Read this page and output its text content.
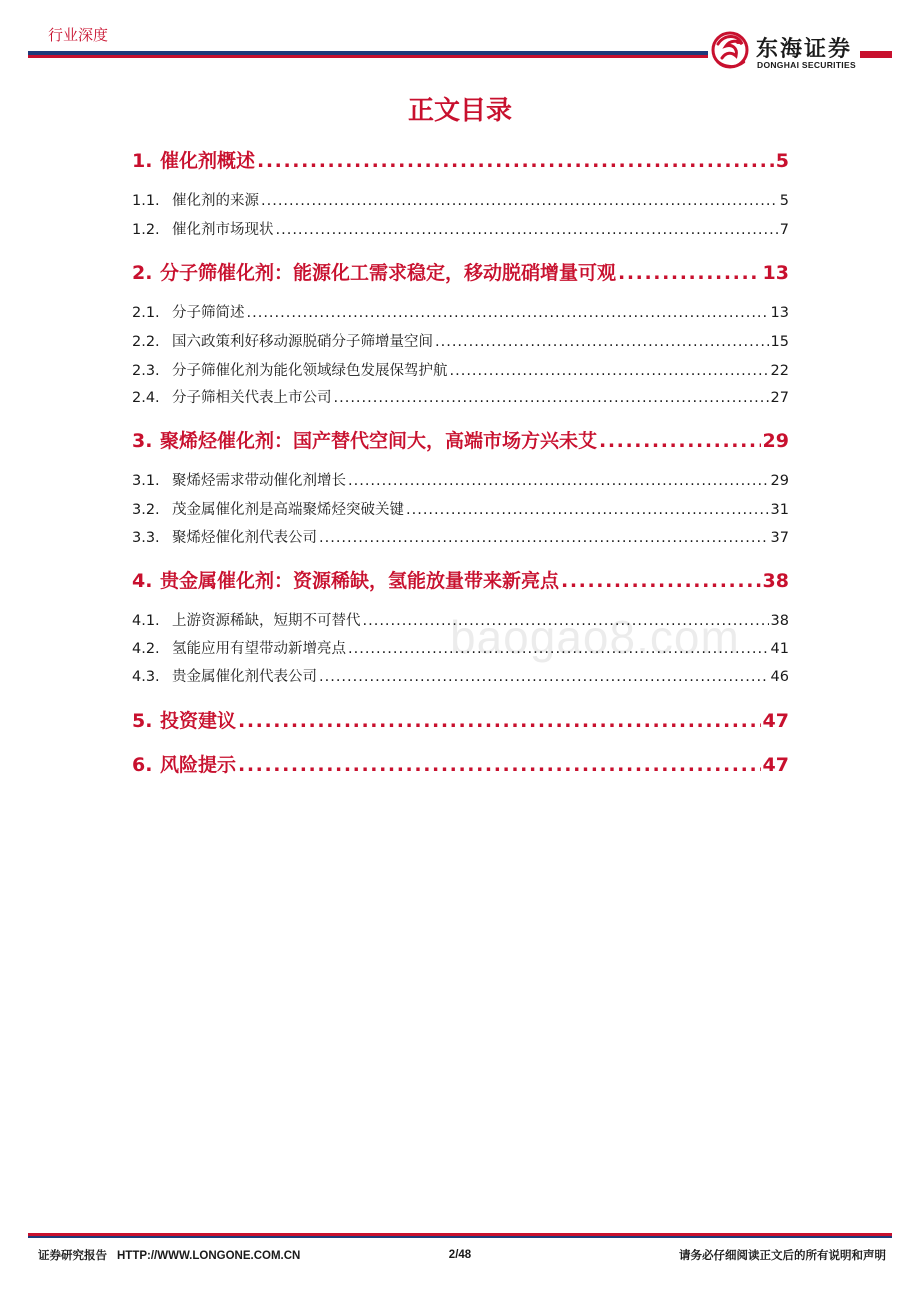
行业深度
东海证券
DONGHAI SECURITIES
正文目录
1. 催化剂概述 .....	5
1.1. 催化剂的来源 .....	5
1.2. 催化剂市场现状 .....	7
2. 分子筛催化剂：能源化工需求稳定，移动脱硝增量可观 .....	13
2.1. 分子筛简述 .....	13
2.2. 国六政策利好移动源脱硝分子筛增量空间 .....	15
2.3. 分子筛催化剂为能化领域绿色发展保驾护航 .....	22
2.4. 分子筛相关代表上市公司 .....	27
3. 聚烯烃催化剂：国产替代空间大，高端市场方兴未艾 .....	29
3.1. 聚烯烃需求带动催化剂增长 .....	29
3.2. 茂金属催化剂是高端聚烯烃突破关键 .....	31
3.3. 聚烯烃催化剂代表公司 .....	37
4. 贵金属催化剂：资源稀缺，氢能放量带来新亮点 .....	38
4.1. 上游资源稀缺，短期不可替代 .....	38
4.2. 氢能应用有望带动新增亮点 .....	41
4.3. 贵金属催化剂代表公司 .....	46
5. 投资建议 .....	47
6. 风险提示 .....	47
baogao8.com
证券研究报告 HTTP://WWW.LONGONE.COM.CN	2/48	请务必仔细阅读正文后的所有说明和声明
